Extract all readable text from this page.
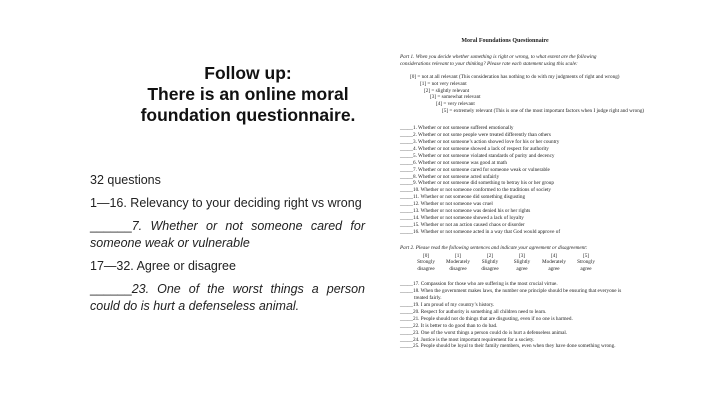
Follow up:
There is an online moral
foundation questionnaire.

32 questions

1—16. Relevancy to your deciding right vs wrong

______7. Whether or not someone cared for someone weak or vulnerable

17—32. Agree or disagree

______23. One of the worst things a person could do is hurt a defenseless animal.

Moral Foundations Questionnaire
Part 1. When you decide whether something is right or wrong, to what extent are the following
considerations relevant to your thinking? Please rate each statement using this scale:
[0] = not at all relevant (This consideration has nothing to do with my judgments of right and wrong)
[1] = not very relevant
[2] = slightly relevant
[3] = somewhat relevant
[4] = very relevant
[5] = extremely relevant (This is one of the most important factors when I judge right and wrong)
_____1. Whether or not someone suffered emotionally
_____2. Whether or not some people were treated differently than others
_____3. Whether or not someone’s action showed love for his or her country
_____4. Whether or not someone showed a lack of respect for authority
_____5. Whether or not someone violated standards of purity and decency
_____6. Whether or not someone was good at math
_____7. Whether or not someone cared for someone weak or vulnerable
_____8. Whether or not someone acted unfairly
_____9. Whether or not someone did something to betray his or her group
_____10. Whether or not someone conformed to the traditions of society
_____11. Whether or not someone did something disgusting
_____12. Whether or not someone was cruel
_____13. Whether or not someone was denied his or her rights
_____14. Whether or not someone showed a lack of loyalty
_____15. Whether or not an action caused chaos or disorder
_____16. Whether or not someone acted in a way that God would approve of
Part 2. Please read the following sentences and indicate your agreement or disagreement:
[0]
Strongly
disagree
[1]
Moderately
disagree
[2]
Slightly
disagree
[3]
Slightly
agree
[4]
Moderately
agree
[5]
Strongly
agree
_____17. Compassion for those who are suffering is the most crucial virtue.
_____18. When the government makes laws, the number one principle should be ensuring that everyone is
treated fairly.
_____19. I am proud of my country’s history.
_____20. Respect for authority is something all children need to learn.
_____21. People should not do things that are disgusting, even if no one is harmed.
_____22. It is better to do good than to do bad.
_____23. One of the worst things a person could do is hurt a defenseless animal.
_____24. Justice is the most important requirement for a society.
_____25. People should be loyal to their family members, even when they have done something wrong.
